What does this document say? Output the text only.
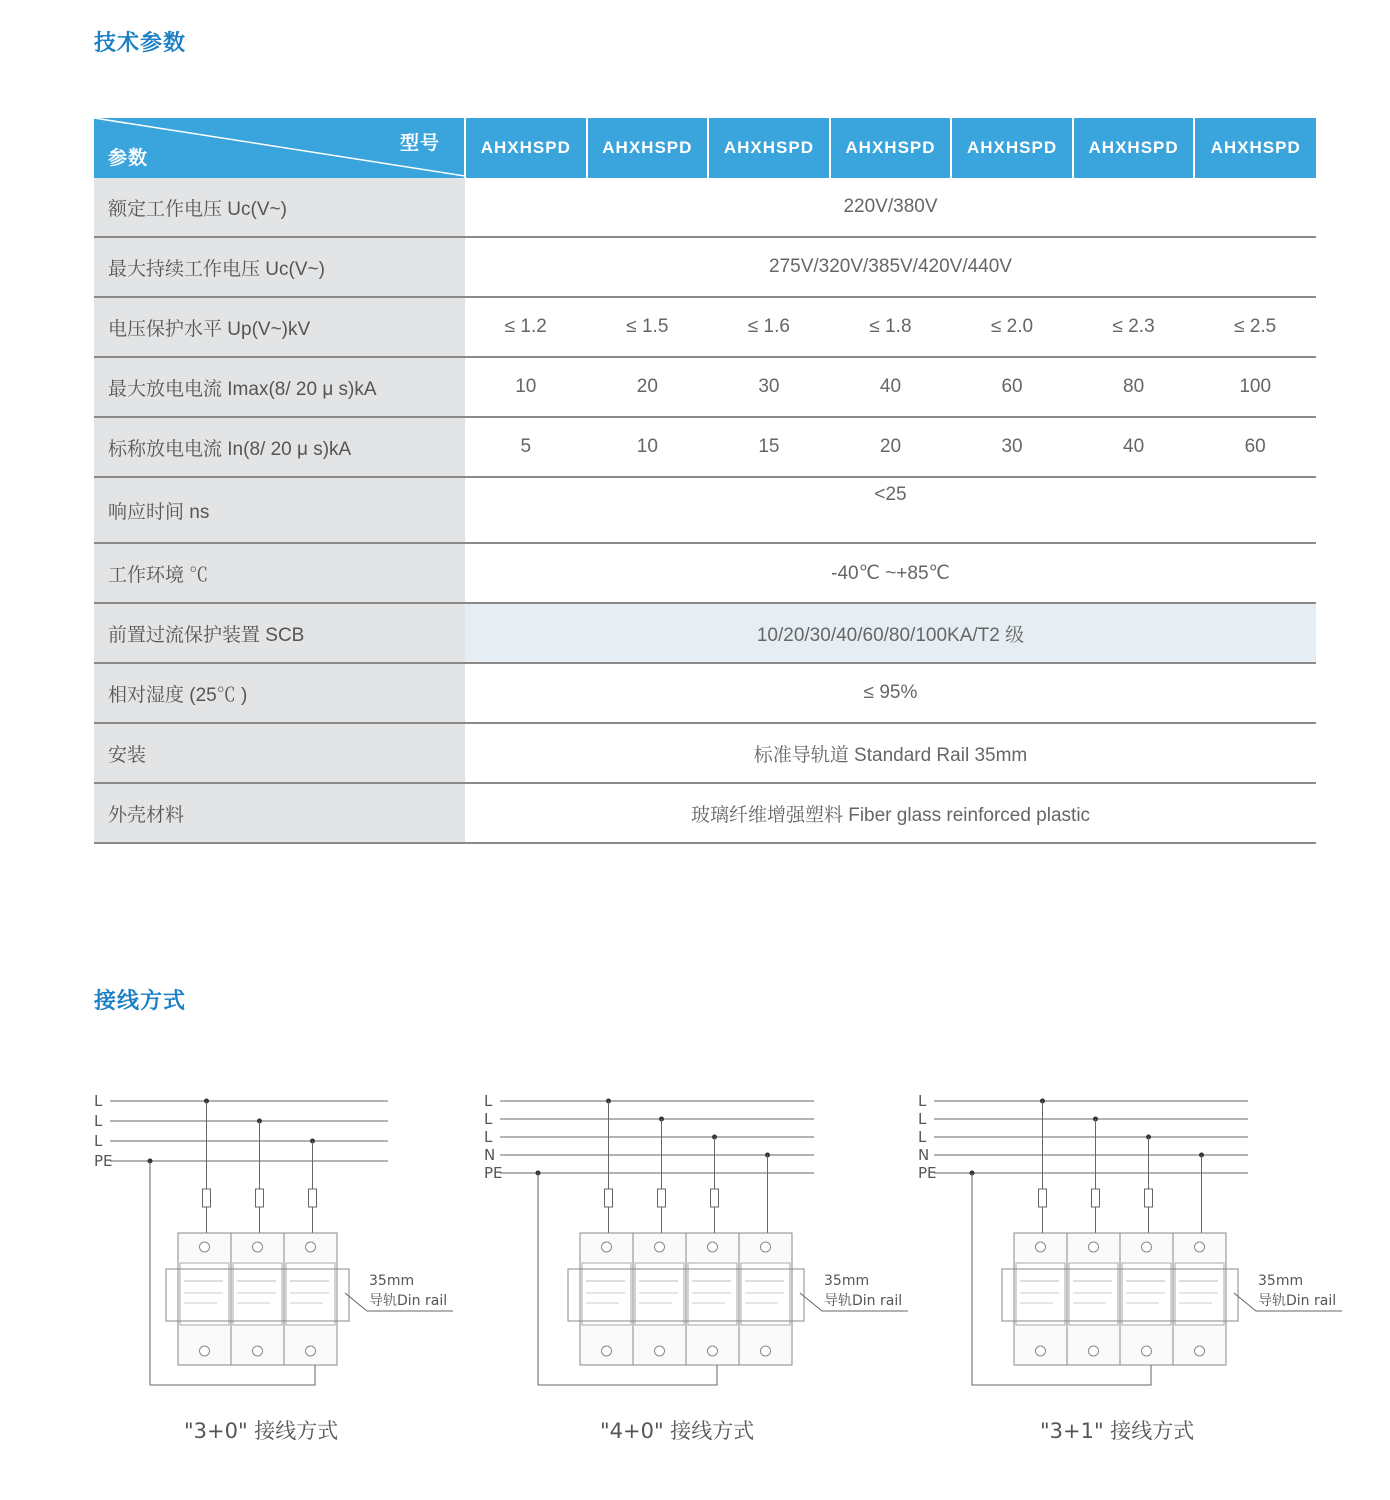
技术参数
型号
参数	AHXHSPD	AHXHSPD	AHXHSPD	AHXHSPD	AHXHSPD	AHXHSPD	AHXHSPD
额定工作电压 Uc(V~)	220V/380V						
最大持续工作电压 Uc(V~)	275V/320V/385V/420V/440V						
电压保护水平 Up(V~)kV	≤ 1.2	≤ 1.5	≤ 1.6	≤ 1.8	≤ 2.0	≤ 2.3	≤ 2.5
最大放电电流 Imax(8/ 20 μ s)kA	10	20	30	40	60	80	100
标称放电电流 In(8/ 20 μ s)kA	5	10	15	20	30	40	60
响应时间 ns	<25						
工作环境 ℃	-40℃ ~+85℃						
前置过流保护装置 SCB	10/20/30/40/60/80/100KA/T2 级						
相对湿度 (25℃ )	≤ 95%						
安装	标准导轨道 Standard Rail 35mm						
外壳材料	玻璃纤维增强塑料 Fiber glass reinforced plastic						
接线方式
L
L
L
PE
35mm
导轨Din rail
L
L
L
N
PE
35mm
导轨Din rail
L
L
L
N
PE
35mm
导轨Din rail
"3+0" 接线方式	"4+0" 接线方式	"3+1" 接线方式
